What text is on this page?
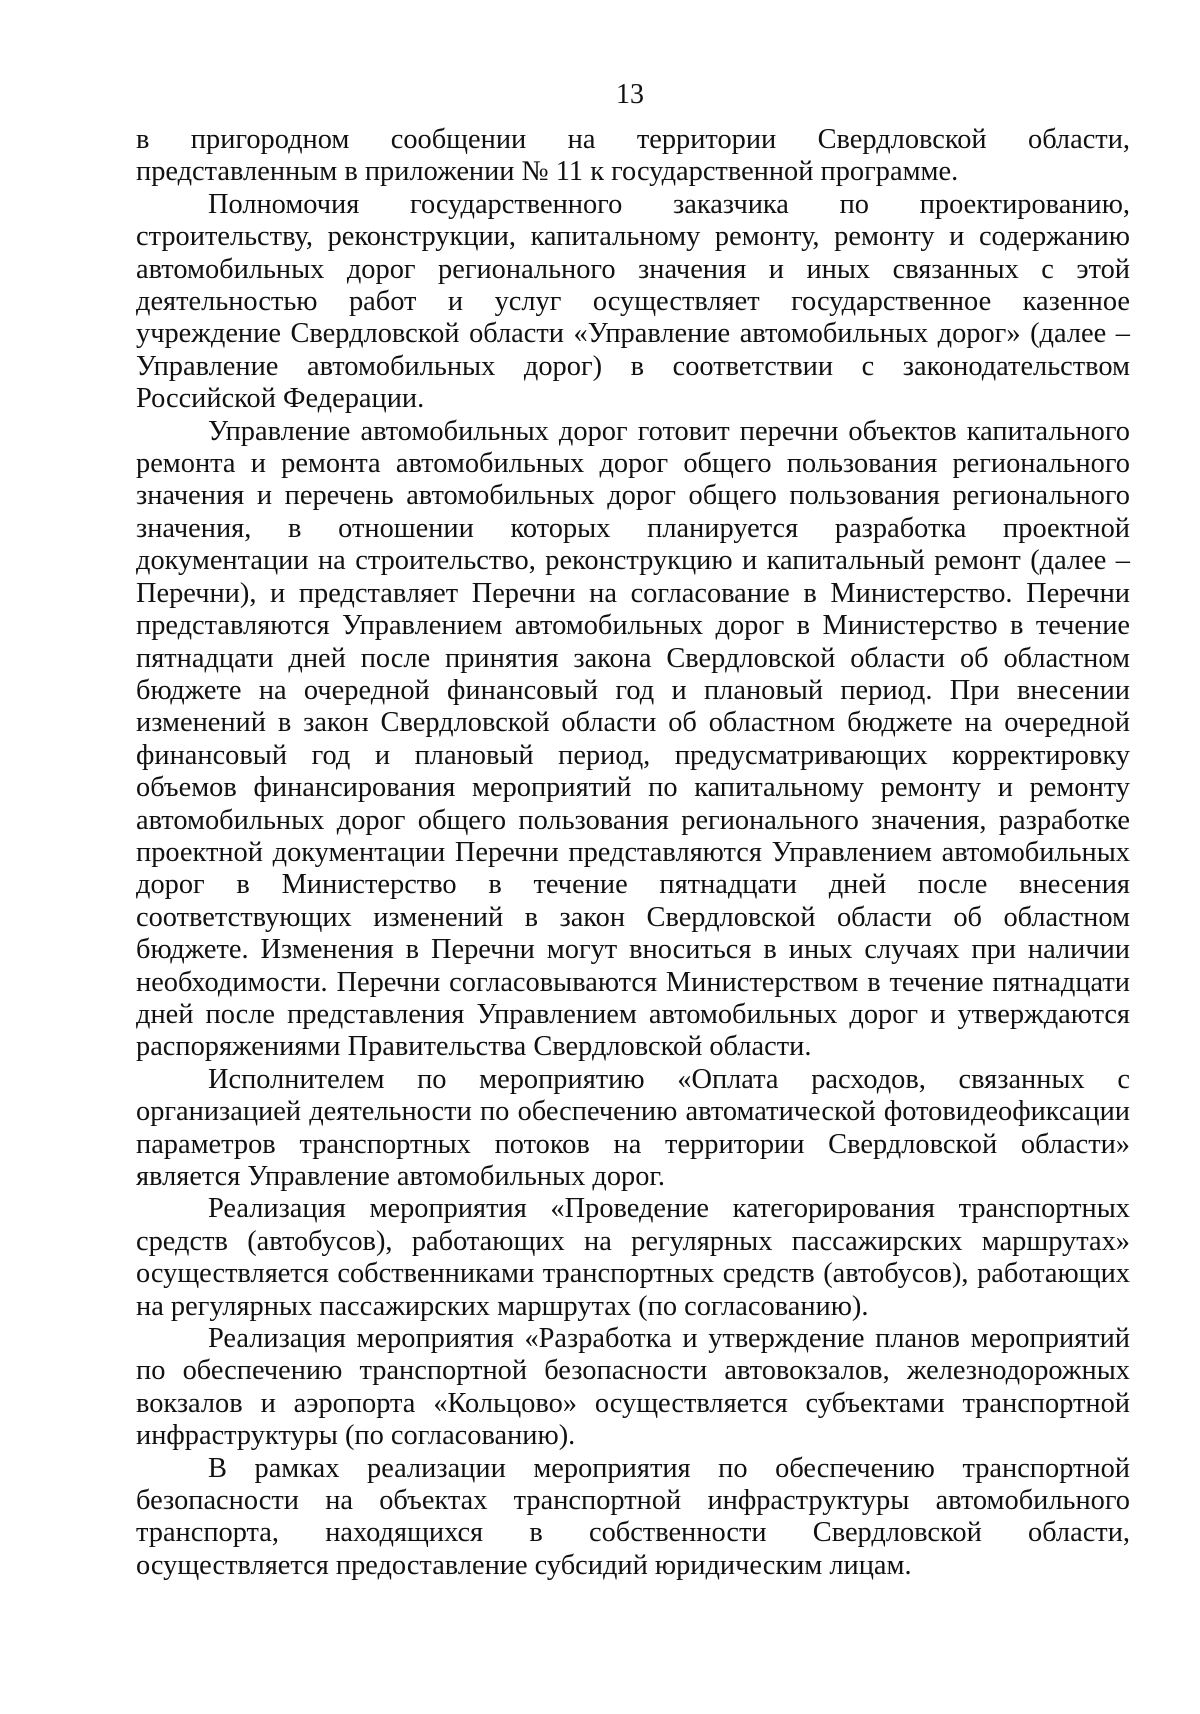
13

в пригородном сообщении на территории Свердловской области, представленным в приложении № 11 к государственной программе.

Полномочия государственного заказчика по проектированию, строительству, реконструкции, капитальному ремонту, ремонту и содержанию автомобильных дорог регионального значения и иных связанных с этой деятельностью работ и услуг осуществляет государственное казенное учреждение Свердловской области «Управление автомобильных дорог» (далее – Управление автомобильных дорог) в соответствии с законодательством Российской Федерации.

Управление автомобильных дорог готовит перечни объектов капитального ремонта и ремонта автомобильных дорог общего пользования регионального значения и перечень автомобильных дорог общего пользования регионального значения, в отношении которых планируется разработка проектной документации на строительство, реконструкцию и капитальный ремонт (далее – Перечни), и представляет Перечни на согласование в Министерство. Перечни представляются Управлением автомобильных дорог в Министерство в течение пятнадцати дней после принятия закона Свердловской области об областном бюджете на очередной финансовый год и плановый период. При внесении изменений в закон Свердловской области об областном бюджете на очередной финансовый год и плановый период, предусматривающих корректировку объемов финансирования мероприятий по капитальному ремонту и ремонту автомобильных дорог общего пользования регионального значения, разработке проектной документации Перечни представляются Управлением автомобильных дорог в Министерство в течение пятнадцати дней после внесения соответствующих изменений в закон Свердловской области об областном бюджете. Изменения в Перечни могут вноситься в иных случаях при наличии необходимости. Перечни согласовываются Министерством в течение пятнадцати дней после представления Управлением автомобильных дорог и утверждаются распоряжениями Правительства Свердловской области.

Исполнителем по мероприятию «Оплата расходов, связанных с организацией деятельности по обеспечению автоматической фотовидеофиксации параметров транспортных потоков на территории Свердловской области» является Управление автомобильных дорог.

Реализация мероприятия «Проведение категорирования транспортных средств (автобусов), работающих на регулярных пассажирских маршрутах» осуществляется собственниками транспортных средств (автобусов), работающих на регулярных пассажирских маршрутах (по согласованию).

Реализация мероприятия «Разработка и утверждение планов мероприятий по обеспечению транспортной безопасности автовокзалов, железнодорожных вокзалов и аэропорта «Кольцово» осуществляется субъектами транспортной инфраструктуры (по согласованию).

В рамках реализации мероприятия по обеспечению транспортной безопасности на объектах транспортной инфраструктуры автомобильного транспорта, находящихся в собственности Свердловской области, осуществляется предоставление субсидий юридическим лицам.
